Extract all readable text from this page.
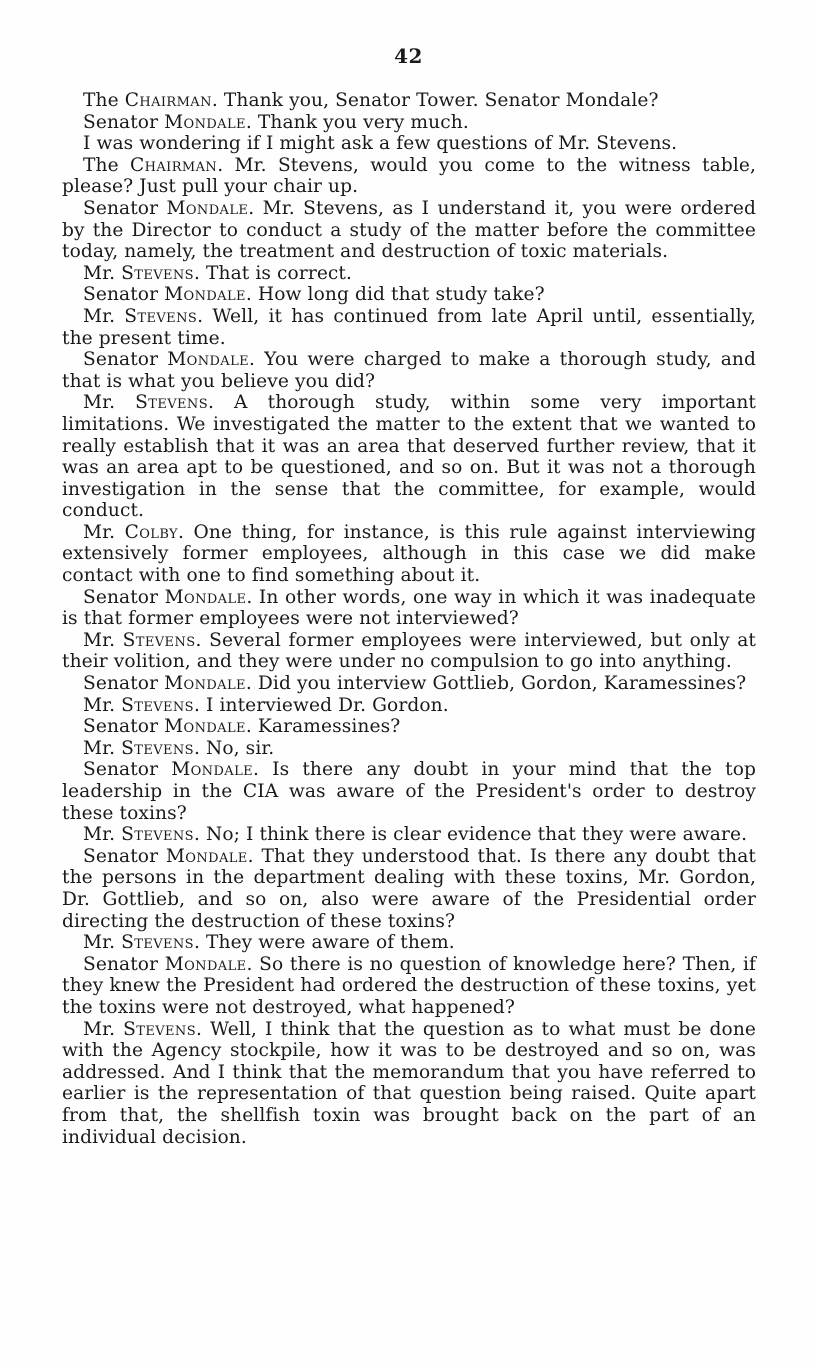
42

The Chairman. Thank you, Senator Tower. Senator Mondale?

Senator Mondale. Thank you very much.

I was wondering if I might ask a few questions of Mr. Stevens.

The Chairman. Mr. Stevens, would you come to the witness table, please? Just pull your chair up.

Senator Mondale. Mr. Stevens, as I understand it, you were ordered by the Director to conduct a study of the matter before the committee today, namely, the treatment and destruction of toxic materials.

Mr. Stevens. That is correct.

Senator Mondale. How long did that study take?

Mr. Stevens. Well, it has continued from late April until, essentially, the present time.

Senator Mondale. You were charged to make a thorough study, and that is what you believe you did?

Mr. Stevens. A thorough study, within some very important limitations. We investigated the matter to the extent that we wanted to really establish that it was an area that deserved further review, that it was an area apt to be questioned, and so on. But it was not a thorough investigation in the sense that the committee, for example, would conduct.

Mr. Colby. One thing, for instance, is this rule against interviewing extensively former employees, although in this case we did make contact with one to find something about it.

Senator Mondale. In other words, one way in which it was inadequate is that former employees were not interviewed?

Mr. Stevens. Several former employees were interviewed, but only at their volition, and they were under no compulsion to go into anything.

Senator Mondale. Did you interview Gottlieb, Gordon, Karamessines?

Mr. Stevens. I interviewed Dr. Gordon.

Senator Mondale. Karamessines?

Mr. Stevens. No, sir.

Senator Mondale. Is there any doubt in your mind that the top leadership in the CIA was aware of the President's order to destroy these toxins?

Mr. Stevens. No; I think there is clear evidence that they were aware.

Senator Mondale. That they understood that. Is there any doubt that the persons in the department dealing with these toxins, Mr. Gordon, Dr. Gottlieb, and so on, also were aware of the Presidential order directing the destruction of these toxins?

Mr. Stevens. They were aware of them.

Senator Mondale. So there is no question of knowledge here? Then, if they knew the President had ordered the destruction of these toxins, yet the toxins were not destroyed, what happened?

Mr. Stevens. Well, I think that the question as to what must be done with the Agency stockpile, how it was to be destroyed and so on, was addressed. And I think that the memorandum that you have referred to earlier is the representation of that question being raised. Quite apart from that, the shellfish toxin was brought back on the part of an individual decision.
